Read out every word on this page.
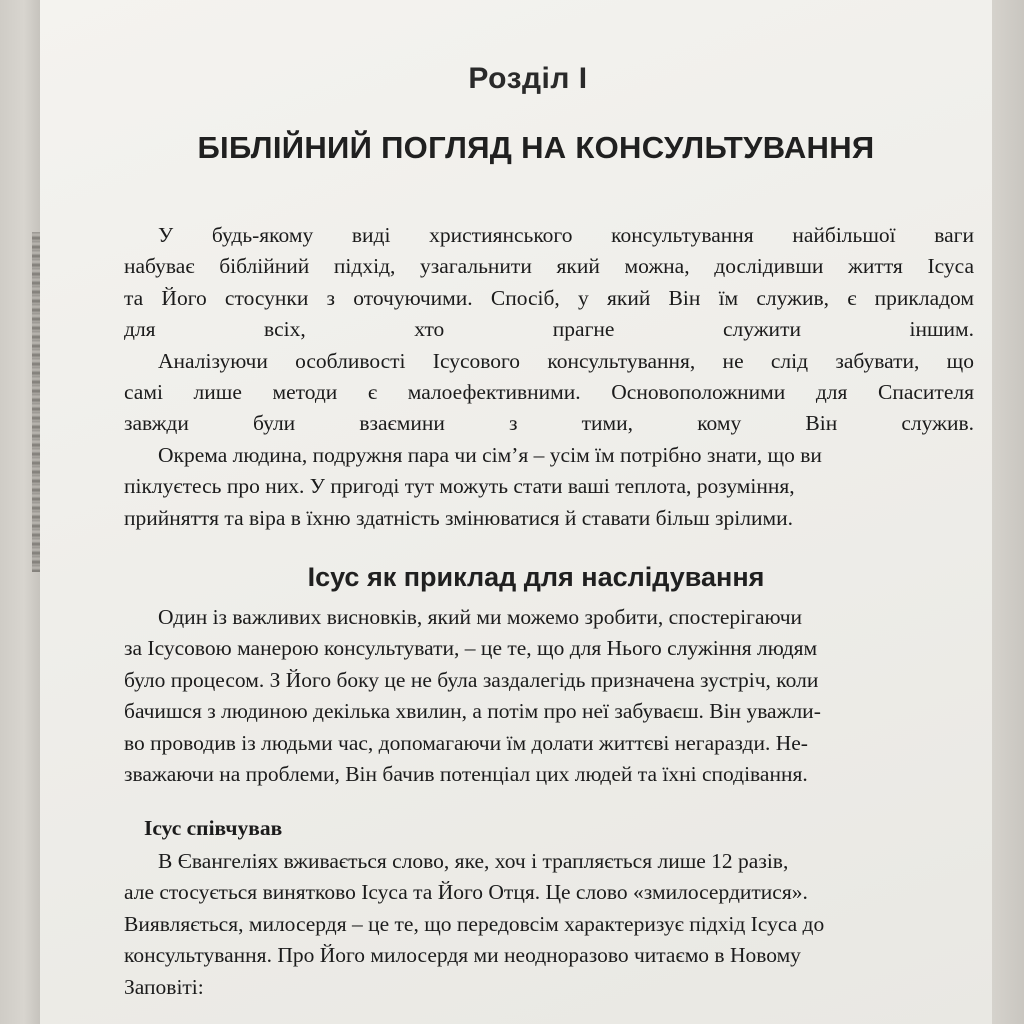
Розділ I
БІБЛІЙНИЙ ПОГЛЯД НА КОНСУЛЬТУВАННЯ

У будь-якому виді християнського консультування найбільшої ваги
набуває біблійний підхід, узагальнити який можна, дослідивши життя Ісуса
та Його стосунки з оточуючими. Спосіб, у який Він їм служив, є прикладом
для всіх, хто прагне служити іншим.

Аналізуючи особливості Ісусового консультування, не слід забувати, що
самі лише методи є малоефективними. Основоположними для Спасителя
завжди були взаємини з тими, кому Він служив.

Окрема людина, подружня пара чи сім’я – усім їм потрібно знати, що ви
піклуєтесь про них. У пригоді тут можуть стати ваші теплота, розуміння,
прийняття та віра в їхню здатність змінюватися й ставати більш зрілими.

Ісус як приклад для наслідування

Один із важливих висновків, який ми можемо зробити, спостерігаючи
за Ісусовою манерою консультувати, – це те, що для Нього служіння людям
було процесом. З Його боку це не була заздалегідь призначена зустріч, коли
бачишся з людиною декілька хвилин, а потім про неї забуваєш. Він уважли-
во проводив із людьми час, допомагаючи їм долати життєві негаразди. Не-
зважаючи на проблеми, Він бачив потенціал цих людей та їхні сподівання.

Ісус співчував

В Євангеліях вживається слово, яке, хоч і трапляється лише 12 разів,
але стосується винятково Ісуса та Його Отця. Це слово «змилосердитися».
Виявляється, милосердя – це те, що передовсім характеризує підхід Ісуса до
консультування. Про Його милосердя ми неодноразово читаємо в Новому
Заповіті:
